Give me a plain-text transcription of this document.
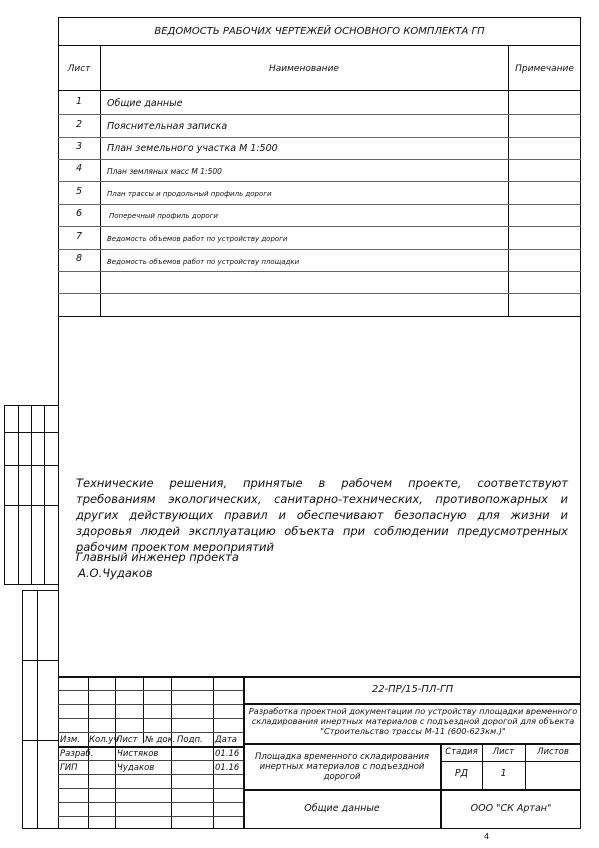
ВЕДОМОСТЬ РАБОЧИХ ЧЕРТЕЖЕЙ ОСНОВНОГО КОМПЛЕКТА ГП
Лист	Наименование	Примечание
1	Общие данные
2	Пояснительная записка
3	План земельного участка М 1:500
4	План земляных масс М 1:500
5	План трассы и продольный профиль дороги
6	Поперечный профиль дороги
7	Ведомость объемов работ по устройству дороги
8	Ведомость объемов работ по устройству площадки
Технические решения, принятые в рабочем проекте, соответствуют требованиям экологических, санитарно-технических, противопожарных и других действующих правил и обеспечивают безопасную для жизни и здоровья людей эксплуатацию объекта при соблюдении предусмотренных рабочим проектом мероприятий
Главный инженер проекта
А.О.Чудаков
Изм. Кол.уч
Лист № док. Подп. Дата
Разраб.	Чистяков	01.16
ГИП	Чудаков	01.16
22-ПР/15-ПЛ-ГП
Разработка проектной документации по устройству площадки временного складирования инертных материалов с подъездной дорогой для объекта "Строительство трассы М-11 (600-623км.)"
Площадка временного складирования инертных материалов с подъездной дорогой
Стадия	Лист	Листов
РД	1
Общие данные	ООО "СК Артан"
4
